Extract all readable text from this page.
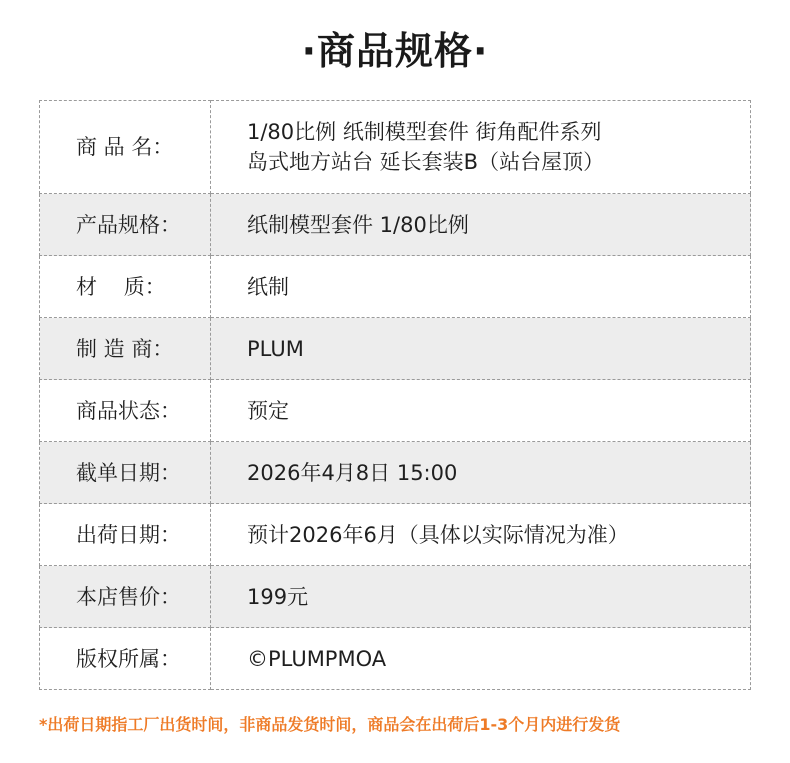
·商品规格·
商 品 名：	1/80比例 纸制模型套件 街角配件系列
岛式地方站台 延长套装B（站台屋顶）

产品规格：	纸制模型套件 1/80比例
材    质：	纸制
制 造 商：	PLUM
商品状态：	预定
截单日期：	2026年4月8日 15:00
出荷日期：	预计2026年6月（具体以实际情况为准）
本店售价：	199元
版权所属：	©PLUMPMOA
*出荷日期指工厂出货时间，非商品发货时间，商品会在出荷后1-3个月内进行发货
